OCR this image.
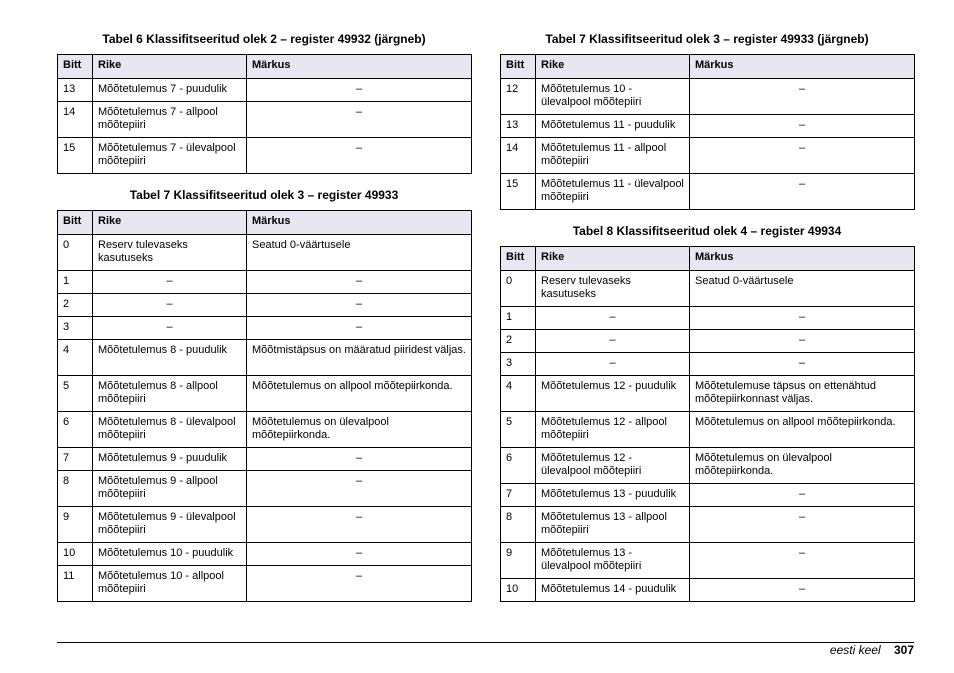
Tabel 6 Klassifitseeritud olek 2 – register 49932 (järgneb)
Bitt	Rike	Märkus
13	Mõõtetulemus 7 - puudulik	–
14	Mõõtetulemus 7 - allpool mõõtepiiri	–
15	Mõõtetulemus 7 - ülevalpool mõõtepiiri	–
Tabel 7 Klassifitseeritud olek 3 – register 49933
Bitt	Rike	Märkus
0	Reserv tulevaseks kasutuseks	Seatud 0-väärtusele
1	–	–
2	–	–
3	–	–
4	Mõõtetulemus 8 - puudulik	Mõõtmistäpsus on määratud piiridest väljas.
5	Mõõtetulemus 8 - allpool mõõtepiiri	Mõõtetulemus on allpool mõõtepiirkonda.
6	Mõõtetulemus 8 - ülevalpool mõõtepiiri	Mõõtetulemus on ülevalpool mõõtepiirkonda.
7	Mõõtetulemus 9 - puudulik	–
8	Mõõtetulemus 9 - allpool mõõtepiiri	–
9	Mõõtetulemus 9 - ülevalpool mõõtepiiri	–
10	Mõõtetulemus 10 - puudulik	–
11	Mõõtetulemus 10 - allpool mõõtepiiri	–
Tabel 7 Klassifitseeritud olek 3 – register 49933 (järgneb)
Bitt	Rike	Märkus
12	Mõõtetulemus 10 - ülevalpool mõõtepiiri	–
13	Mõõtetulemus 11 - puudulik	–
14	Mõõtetulemus 11 - allpool mõõtepiiri	–
15	Mõõtetulemus 11 - ülevalpool mõõtepiiri	–
Tabel 8 Klassifitseeritud olek 4 – register 49934
Bitt	Rike	Märkus
0	Reserv tulevaseks kasutuseks	Seatud 0-väärtusele
1	–	–
2	–	–
3	–	–
4	Mõõtetulemus 12 - puudulik	Mõõtetulemuse täpsus on ettenähtud mõõtepiirkonnast väljas.
5	Mõõtetulemus 12 - allpool mõõtepiiri	Mõõtetulemus on allpool mõõtepiirkonda.
6	Mõõtetulemus 12 - ülevalpool mõõtepiiri	Mõõtetulemus on ülevalpool mõõtepiirkonda.
7	Mõõtetulemus 13 - puudulik	–
8	Mõõtetulemus 13 - allpool mõõtepiiri	–
9	Mõõtetulemus 13 - ülevalpool mõõtepiiri	–
10	Mõõtetulemus 14 - puudulik	–
eesti keel 307
